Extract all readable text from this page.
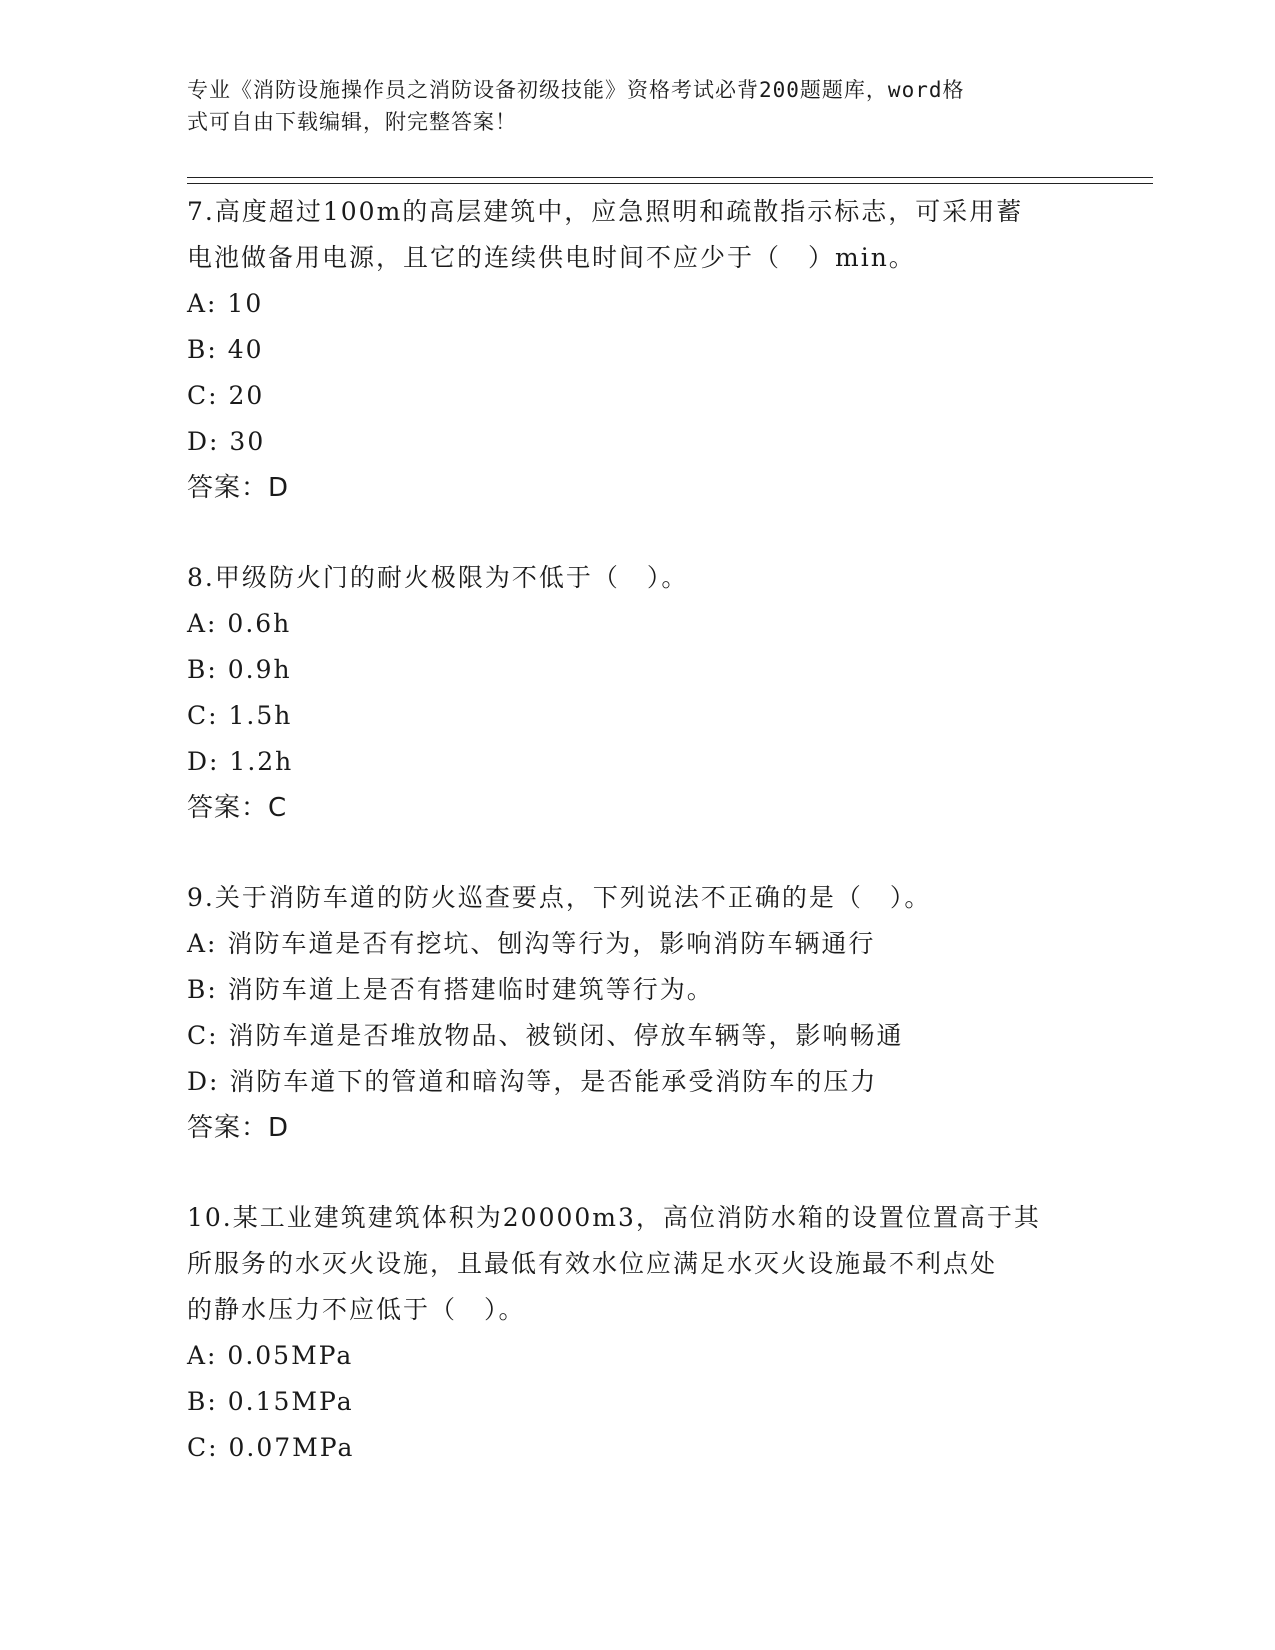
专业《消防设施操作员之消防设备初级技能》资格考试必背200题题库，word格
式可自由下载编辑，附完整答案！
7.高度超过100m的高层建筑中，应急照明和疏散指示标志，可采用蓄
电池做备用电源，且它的连续供电时间不应少于（　）min。
A: 10
B: 40
C: 20
D: 30
答案：D
8.甲级防火门的耐火极限为不低于（　）。
A: 0.6h
B: 0.9h
C: 1.5h
D: 1.2h
答案：C
9.关于消防车道的防火巡查要点，下列说法不正确的是（　）。
A: 消防车道是否有挖坑、刨沟等行为，影响消防车辆通行
B: 消防车道上是否有搭建临时建筑等行为。
C: 消防车道是否堆放物品、被锁闭、停放车辆等，影响畅通
D: 消防车道下的管道和暗沟等，是否能承受消防车的压力
答案：D
10.某工业建筑建筑体积为20000m3，高位消防水箱的设置位置高于其
所服务的水灭火设施，且最低有效水位应满足水灭火设施最不利点处
的静水压力不应低于（　）。
A: 0.05MPa
B: 0.15MPa
C: 0.07MPa
